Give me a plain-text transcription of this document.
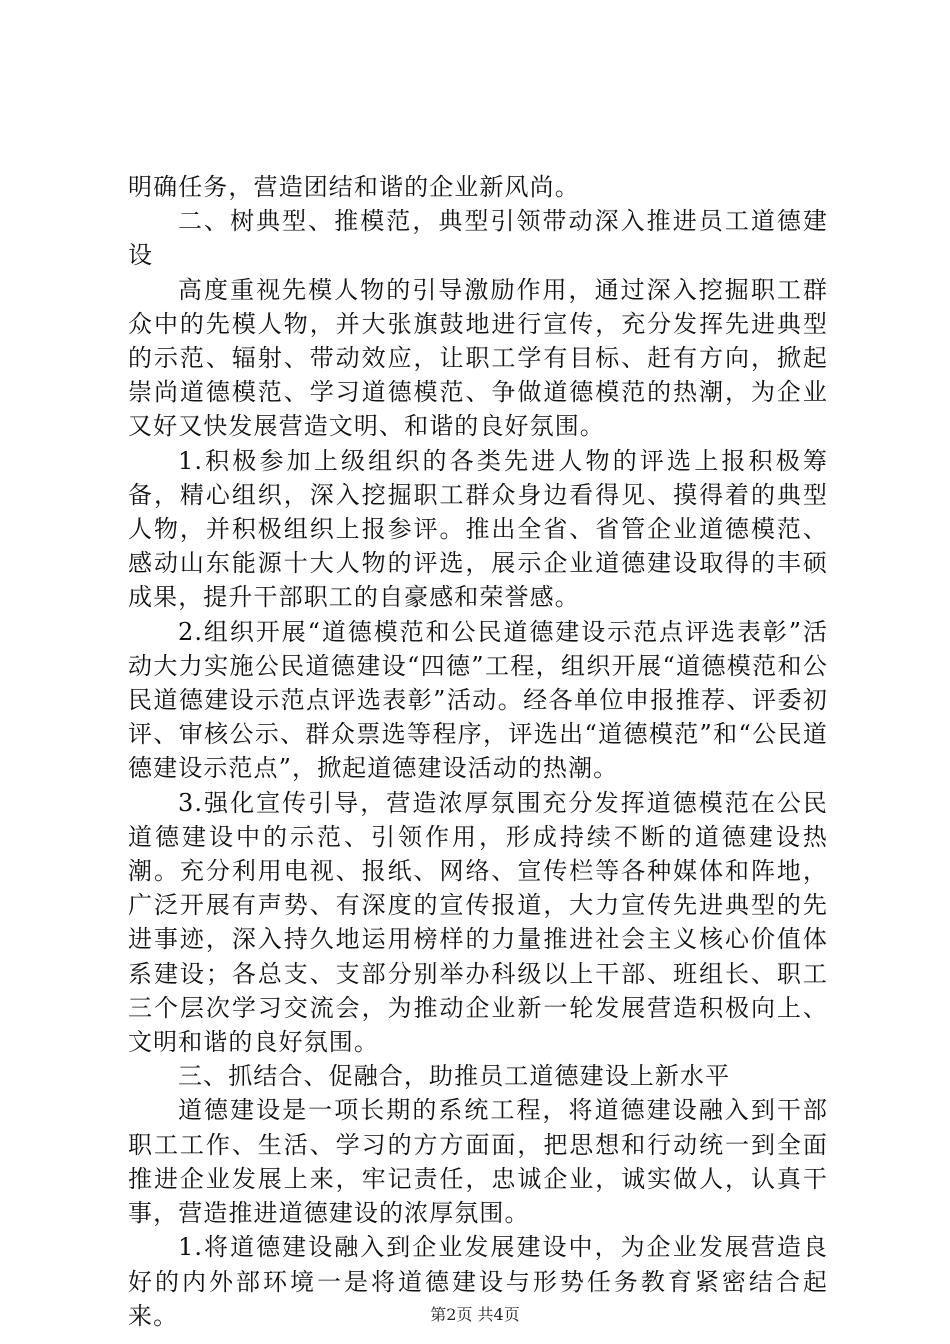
明确任务，营造团结和谐的企业新风尚。

二、树典型、推模范，典型引领带动深入推进员工道德建设

高度重视先模人物的引导激励作用，通过深入挖掘职工群众中的先模人物，并大张旗鼓地进行宣传，充分发挥先进典型的示范、辐射、带动效应，让职工学有目标、赶有方向，掀起崇尚道德模范、学习道德模范、争做道德模范的热潮，为企业又好又快发展营造文明、和谐的良好氛围。

1.积极参加上级组织的各类先进人物的评选上报积极筹备，精心组织，深入挖掘职工群众身边看得见、摸得着的典型人物，并积极组织上报参评。推出全省、省管企业道德模范、感动山东能源十大人物的评选，展示企业道德建设取得的丰硕成果，提升干部职工的自豪感和荣誉感。

2.组织开展“道德模范和公民道德建设示范点评选表彰”活动大力实施公民道德建设“四德”工程，组织开展“道德模范和公民道德建设示范点评选表彰”活动。经各单位申报推荐、评委初评、审核公示、群众票选等程序，评选出“道德模范”和“公民道德建设示范点”，掀起道德建设活动的热潮。

3.强化宣传引导，营造浓厚氛围充分发挥道德模范在公民道德建设中的示范、引领作用，形成持续不断的道德建设热潮。充分利用电视、报纸、网络、宣传栏等各种媒体和阵地，广泛开展有声势、有深度的宣传报道，大力宣传先进典型的先进事迹，深入持久地运用榜样的力量推进社会主义核心价值体系建设；各总支、支部分别举办科级以上干部、班组长、职工三个层次学习交流会，为推动企业新一轮发展营造积极向上、文明和谐的良好氛围。

三、抓结合、促融合，助推员工道德建设上新水平

道德建设是一项长期的系统工程，将道德建设融入到干部职工工作、生活、学习的方方面面，把思想和行动统一到全面推进企业发展上来，牢记责任，忠诚企业，诚实做人，认真干事，营造推进道德建设的浓厚氛围。

1.将道德建设融入到企业发展建设中，为企业发展营造良好的内外部环境一是将道德建设与形势任务教育紧密结合起来。	第2页 共4页
